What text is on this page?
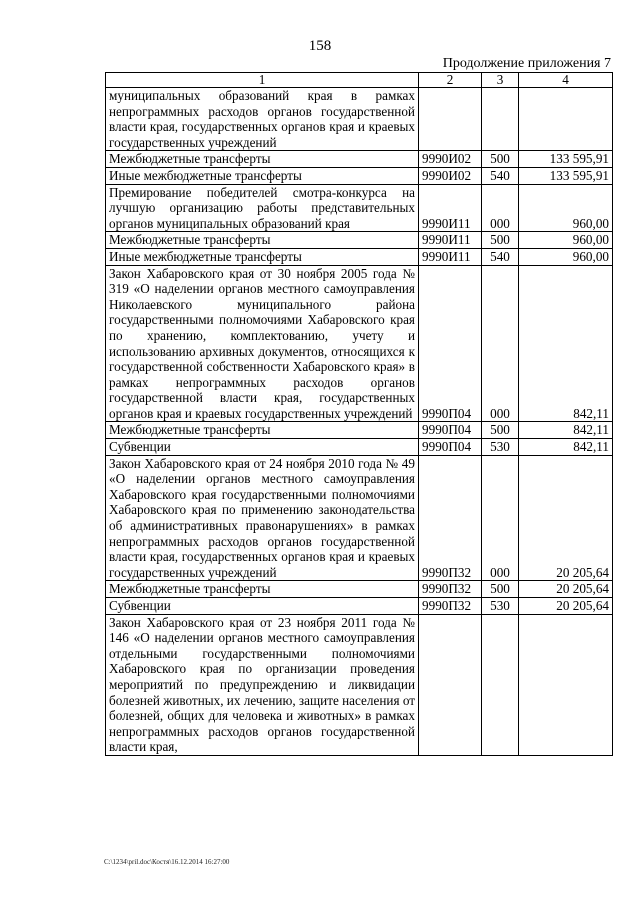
158
Продолжение приложения 7
1	2	3	4
муниципальных образований края в рамках непрограммных расходов органов государственной власти края, государственных органов края и краевых государственных учреждений			
Межбюджетные трансферты	9990И02	500	133 595,91
Иные межбюджетные трансферты	9990И02	540	133 595,91
Премирование победителей смотра-конкурса на лучшую организацию работы представительных органов муниципальных образований края	9990И11	000	960,00
Межбюджетные трансферты	9990И11	500	960,00
Иные межбюджетные трансферты	9990И11	540	960,00
Закон Хабаровского края от 30 ноября 2005 года № 319 «О наделении органов местного самоуправления Николаевского муниципального района государственными полномочиями Хабаровского края по хранению, комплектованию, учету и использованию архивных документов, относящихся к государственной собственности Хабаровского края» в рамках непрограммных расходов органов государственной власти края, государственных органов края и краевых государственных учреждений	9990П04	000	842,11
Межбюджетные трансферты	9990П04	500	842,11
Субвенции	9990П04	530	842,11
Закон Хабаровского края от 24 ноября 2010 года № 49 «О наделении органов местного самоуправления Хабаровского края государственными полномочиями Хабаровского края по применению законодательства об административных правонарушениях» в рамках непрограммных расходов органов государственной власти края, государственных органов края и краевых государственных учреждений	9990П32	000	20 205,64
Межбюджетные трансферты	9990П32	500	20 205,64
Субвенции	9990П32	530	20 205,64
Закон Хабаровского края от 23 ноября 2011 года № 146 «О наделении органов местного самоуправления отдельными государственными полномочиями Хабаровского края по организации проведения мероприятий по предупреждению и ликвидации болезней животных, их лечению, защите населения от болезней, общих для человека и животных» в рамках непрограммных расходов органов государственной власти края,			
C:\1234\pril.doc\Костя\16.12.2014 16:27:00
